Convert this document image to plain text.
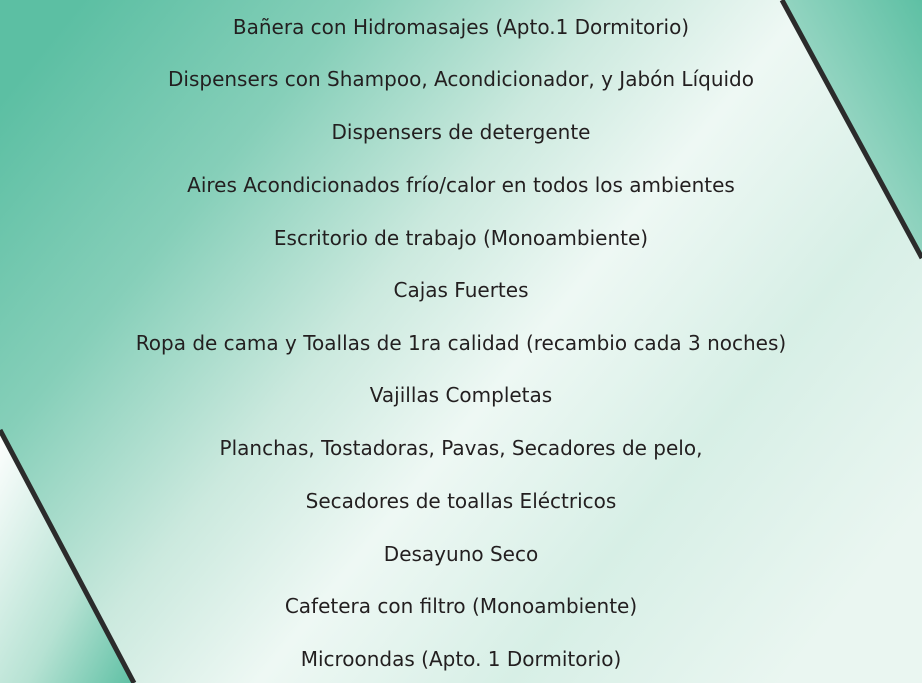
Bañera con Hidromasajes (Apto.1 Dormitorio)
Dispensers con Shampoo, Acondicionador, y Jabón Líquido
Dispensers de detergente
Aires Acondicionados frío/calor en todos los ambientes
Escritorio de trabajo (Monoambiente)
Cajas Fuertes
Ropa de cama y Toallas de 1ra calidad (recambio cada 3 noches)
Vajillas Completas
Planchas, Tostadoras, Pavas, Secadores de pelo,
Secadores de toallas Eléctricos
Desayuno Seco
Cafetera con filtro (Monoambiente)
Microondas (Apto. 1 Dormitorio)
